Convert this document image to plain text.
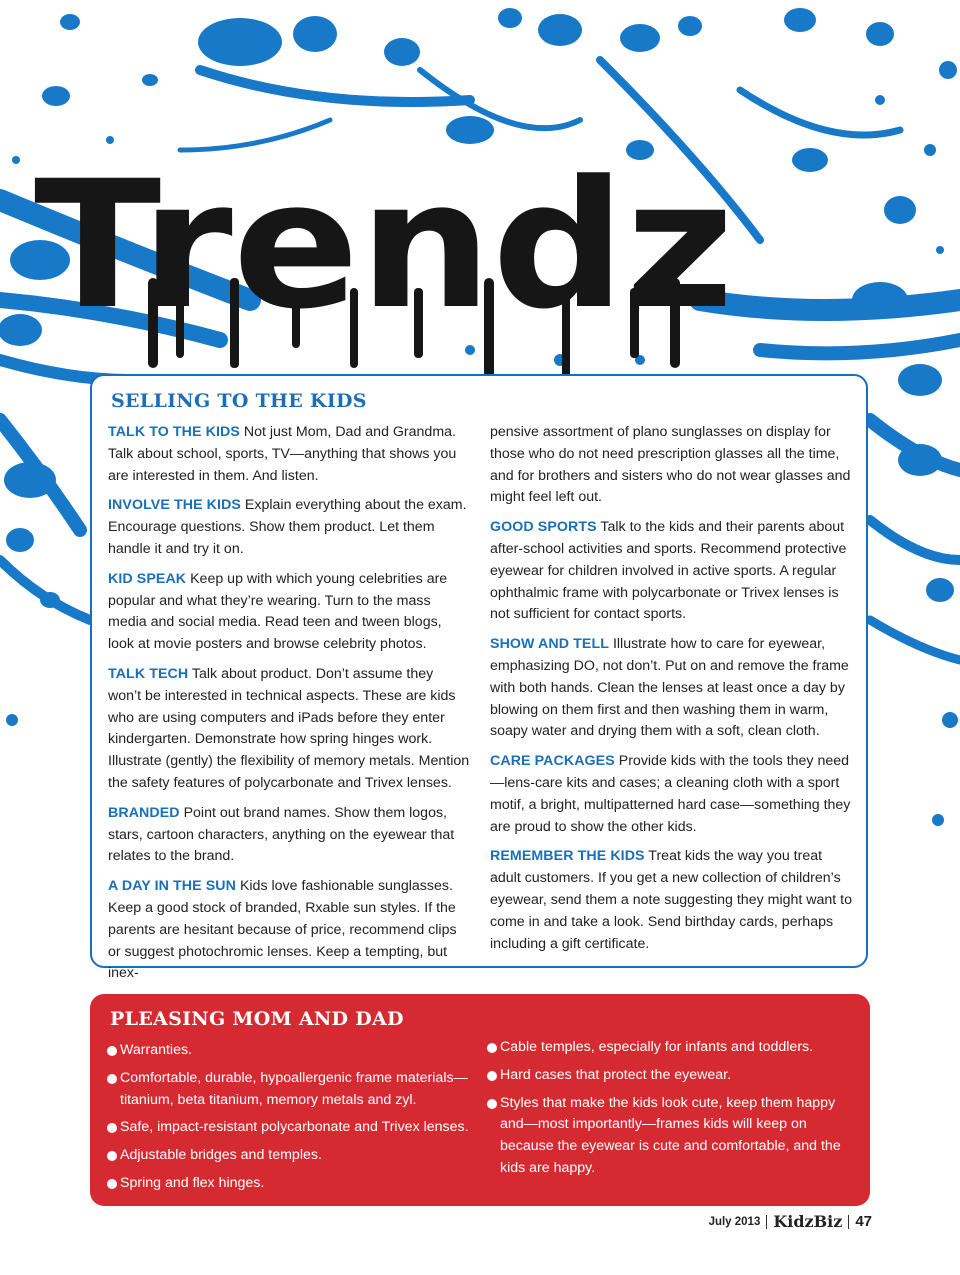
Trendz
SELLING TO THE KIDS

TALK TO THE KIDS Not just Mom, Dad and Grandma. Talk about school, sports, TV—anything that shows you are interested in them. And listen.

INVOLVE THE KIDS Explain everything about the exam. Encourage questions. Show them product. Let them handle it and try it on.

KID SPEAK Keep up with which young celebrities are popular and what they’re wearing. Turn to the mass media and social media. Read teen and tween blogs, look at movie posters and browse celebrity photos.

TALK TECH Talk about product. Don’t assume they won’t be interested in technical aspects. These are kids who are using computers and iPads before they enter kindergarten. Demonstrate how spring hinges work. Illustrate (gently) the flexibility of memory metals. Mention the safety features of polycarbonate and Trivex lenses.

BRANDED Point out brand names. Show them logos, stars, cartoon characters, anything on the eyewear that relates to the brand.

A DAY IN THE SUN Kids love fashionable sunglasses. Keep a good stock of branded, Rxable sun styles. If the parents are hesitant because of price, recommend clips or suggest photochromic lenses. Keep a tempting, but inex-

pensive assortment of plano sunglasses on display for those who do not need prescription glasses all the time, and for brothers and sisters who do not wear glasses and might feel left out.

GOOD SPORTS Talk to the kids and their parents about after-school activities and sports. Recommend protective eyewear for children involved in active sports. A regular ophthalmic frame with polycarbonate or Trivex lenses is not sufficient for contact sports.

SHOW AND TELL Illustrate how to care for eyewear, emphasizing DO, not don’t. Put on and remove the frame with both hands. Clean the lenses at least once a day by blowing on them first and then washing them in warm, soapy water and drying them with a soft, clean cloth.

CARE PACKAGES Provide kids with the tools they need—lens-care kits and cases; a cleaning cloth with a sport motif, a bright, multipatterned hard case—something they are proud to show the other kids.

REMEMBER THE KIDS Treat kids the way you treat adult customers. If you get a new collection of children’s eyewear, send them a note suggesting they might want to come in and take a look. Send birthday cards, perhaps including a gift certificate.

PLEASING MOM AND DAD
Warranties.
Comfortable, durable, hypoallergenic frame materials—titanium, beta titanium, memory metals and zyl.
Safe, impact-resistant polycarbonate and Trivex lenses.
Adjustable bridges and temples.
Spring and flex hinges.
Cable temples, especially for infants and toddlers.
Hard cases that protect the eyewear.
Styles that make the kids look cute, keep them happy and—most importantly—frames kids will keep on because the eyewear is cute and comfortable, and the kids are happy.
July 2013 KidzBiz 47
